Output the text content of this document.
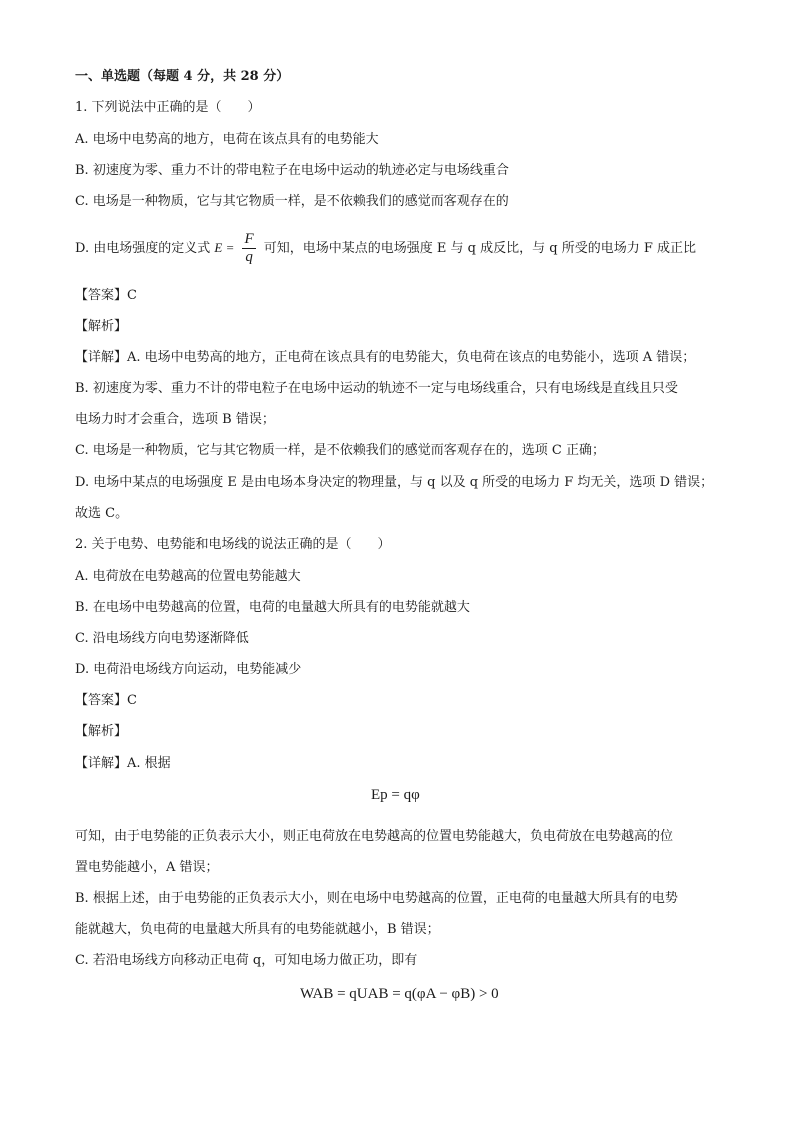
一、单选题（每题 4 分，共 28 分）
1. 下列说法中正确的是（　　）
A. 电场中电势高的地方，电荷在该点具有的电势能大
B. 初速度为零、重力不计的带电粒子在电场中运动的轨迹必定与电场线重合
C. 电场是一种物质，它与其它物质一样，是不依赖我们的感觉而客观存在的
D. 由电场强度的定义式 $E = \frac{F}{q}$ 可知，电场中某点的电场强度 E 与 q 成反比，与 q 所受的电场力 F 成正比
【答案】C
【解析】
【详解】A. 电场中电势高的地方，正电荷在该点具有的电势能大，负电荷在该点的电势能小，选项 A 错误；
B. 初速度为零、重力不计的带电粒子在电场中运动的轨迹不一定与电场线重合，只有电场线是直线且只受
电场力时才会重合，选项 B 错误；
C. 电场是一种物质，它与其它物质一样，是不依赖我们的感觉而客观存在的，选项 C 正确；
D. 电场中某点的电场强度 E 是由电场本身决定的物理量，与 q 以及 q 所受的电场力 F 均无关，选项 D 错误；
故选 C。
2. 关于电势、电势能和电场线的说法正确的是（　　）
A. 电荷放在电势越高的位置电势能越大
B. 在电场中电势越高的位置，电荷的电量越大所具有的电势能就越大
C. 沿电场线方向电势逐渐降低
D. 电荷沿电场线方向运动，电势能减少
【答案】C
【解析】
【详解】A. 根据
Ep = qφ
可知，由于电势能的正负表示大小，则正电荷放在电势越高的位置电势能越大，负电荷放在电势越高的位
置电势能越小，A 错误；
B. 根据上述，由于电势能的正负表示大小，则在电场中电势越高的位置，正电荷的电量越大所具有的电势
能就越大，负电荷的电量越大所具有的电势能就越小，B 错误；
C. 若沿电场线方向移动正电荷 q，可知电场力做正功，即有
WAB = qUAB = q(φA − φB) > 0
